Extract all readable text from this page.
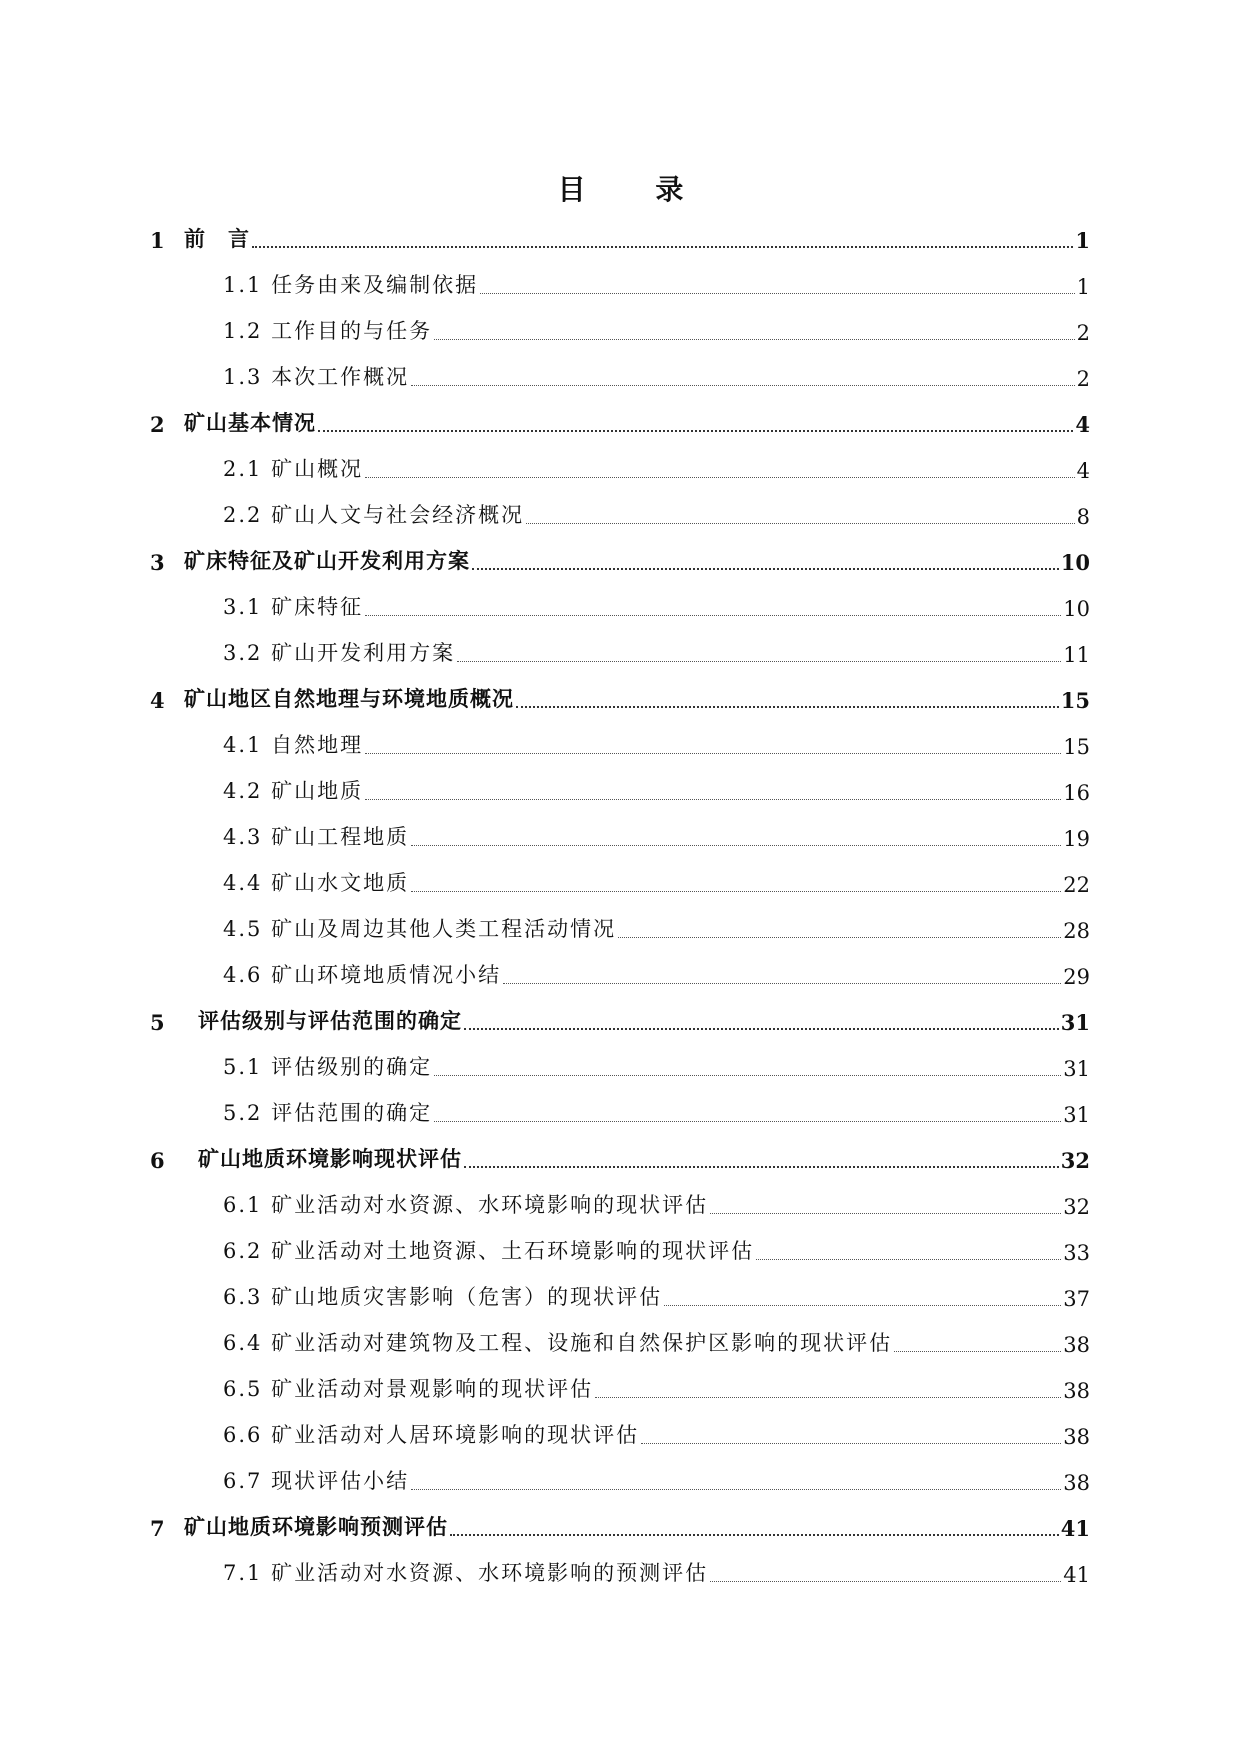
目 录
1 前　言	1
1.1 任务由来及编制依据	1
1.2 工作目的与任务	2
1.3 本次工作概况	2
2 矿山基本情况	4
2.1 矿山概况	4
2.2 矿山人文与社会经济概况	8
3 矿床特征及矿山开发利用方案	10
3.1 矿床特征	10
3.2 矿山开发利用方案	11
4 矿山地区自然地理与环境地质概况	15
4.1 自然地理	15
4.2 矿山地质	16
4.3 矿山工程地质	19
4.4 矿山水文地质	22
4.5 矿山及周边其他人类工程活动情况	28
4.6 矿山环境地质情况小结	29
5	评估级别与评估范围的确定	31
5.1 评估级别的确定	31
5.2 评估范围的确定	31
6	矿山地质环境影响现状评估	32
6.1 矿业活动对水资源、水环境影响的现状评估	32
6.2 矿业活动对土地资源、土石环境影响的现状评估	33
6.3 矿山地质灾害影响（危害）的现状评估	37
6.4 矿业活动对建筑物及工程、设施和自然保护区影响的现状评估	38
6.5 矿业活动对景观影响的现状评估	38
6.6 矿业活动对人居环境影响的现状评估	38
6.7 现状评估小结	38
7 矿山地质环境影响预测评估	41
7.1 矿业活动对水资源、水环境影响的预测评估	41
